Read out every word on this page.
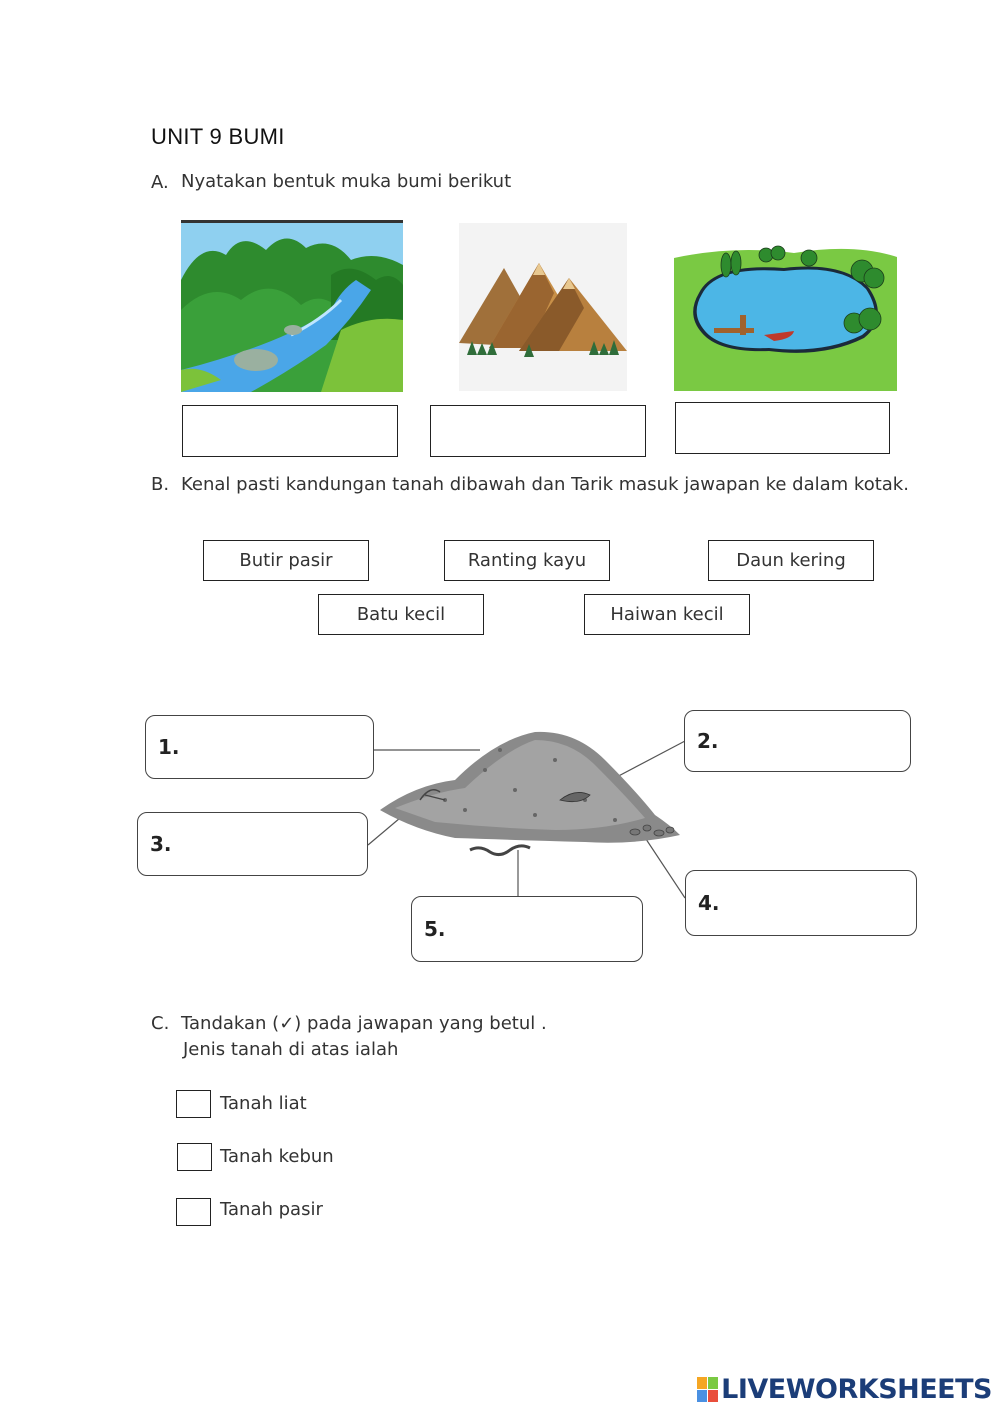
UNIT 9 BUMI
A. Nyatakan bentuk muka bumi berikut
B. Kenal pasti kandungan tanah dibawah dan Tarik masuk jawapan ke dalam kotak.
Butir pasir	Ranting kayu	Daun kering
Batu kecil	Haiwan kecil
1.	2.
3.
4.
5.
C. Tandakan (✓) pada jawapan yang betul .
Jenis tanah di atas ialah
Tanah liat
Tanah kebun
Tanah pasir
LIVEWORKSHEETS
